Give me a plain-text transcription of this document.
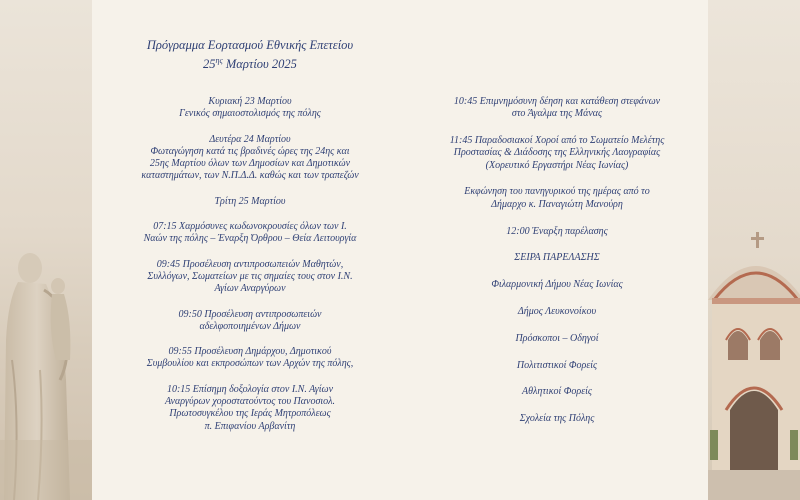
Πρόγραμμα Εορτασμού Εθνικής Επετείου
$25^{\eta\varsigma}$ Μαρτίου 2025
Κυριακή 23 Μαρτίου
Γενικός σημαιοστολισμός της πόλης
Δευτέρα 24 Μαρτίου
Φωταγώγηση κατά τις βραδινές ώρες της 24ης και
25ης Μαρτίου όλων των Δημοσίων και Δημοτικών
καταστημάτων, των Ν.Π.Δ.Δ. καθώς και των τραπεζών
Τρίτη 25 Μαρτίου
07:15 Χαρμόσυνες κωδωνοκρουσίες όλων των Ι.
Ναών της πόλης – Έναρξη Όρθρου – Θεία Λειτουργία
09:45 Προσέλευση αντιπροσωπειών Μαθητών,
Συλλόγων, Σωματείων με τις σημαίες τους στον Ι.Ν.
Αγίων Αναργύρων
09:50 Προσέλευση αντιπροσωπειών
αδελφοποιημένων Δήμων
09:55 Προσέλευση Δημάρχου, Δημοτικού
Συμβουλίου και εκπροσώπων των Αρχών της πόλης,
10:15 Επίσημη δοξολογία στον Ι.Ν. Αγίων
Αναργύρων χοροστατούντος του Πανοσιολ.
Πρωτοσυγκέλου της Ιεράς Μητροπόλεως
π. Επιφανίου Αρβανίτη
10:45 Επιμνημόσυνη δέηση και κατάθεση στεφάνων
στο Άγαλμα της Μάνας
11:45 Παραδοσιακοί Χοροί από το Σωματείο Μελέτης
Προστασίας & Διάδοσης της Ελληνικής Λαογραφίας
(Χορευτικό Εργαστήρι Νέας Ιωνίας)
Εκφώνηση του πανηγυρικού της ημέρας από το
Δήμαρχο κ. Παναγιώτη Μανούρη
12:00 Έναρξη παρέλασης
ΣΕΙΡΑ ΠΑΡΕΛΑΣΗΣ
Φιλαρμονική Δήμου Νέας Ιωνίας
Δήμος Λευκονοίκου
Πρόσκοποι – Οδηγοί
Πολιτιστικοί Φορείς
Αθλητικοί Φορείς
Σχολεία της Πόλης
